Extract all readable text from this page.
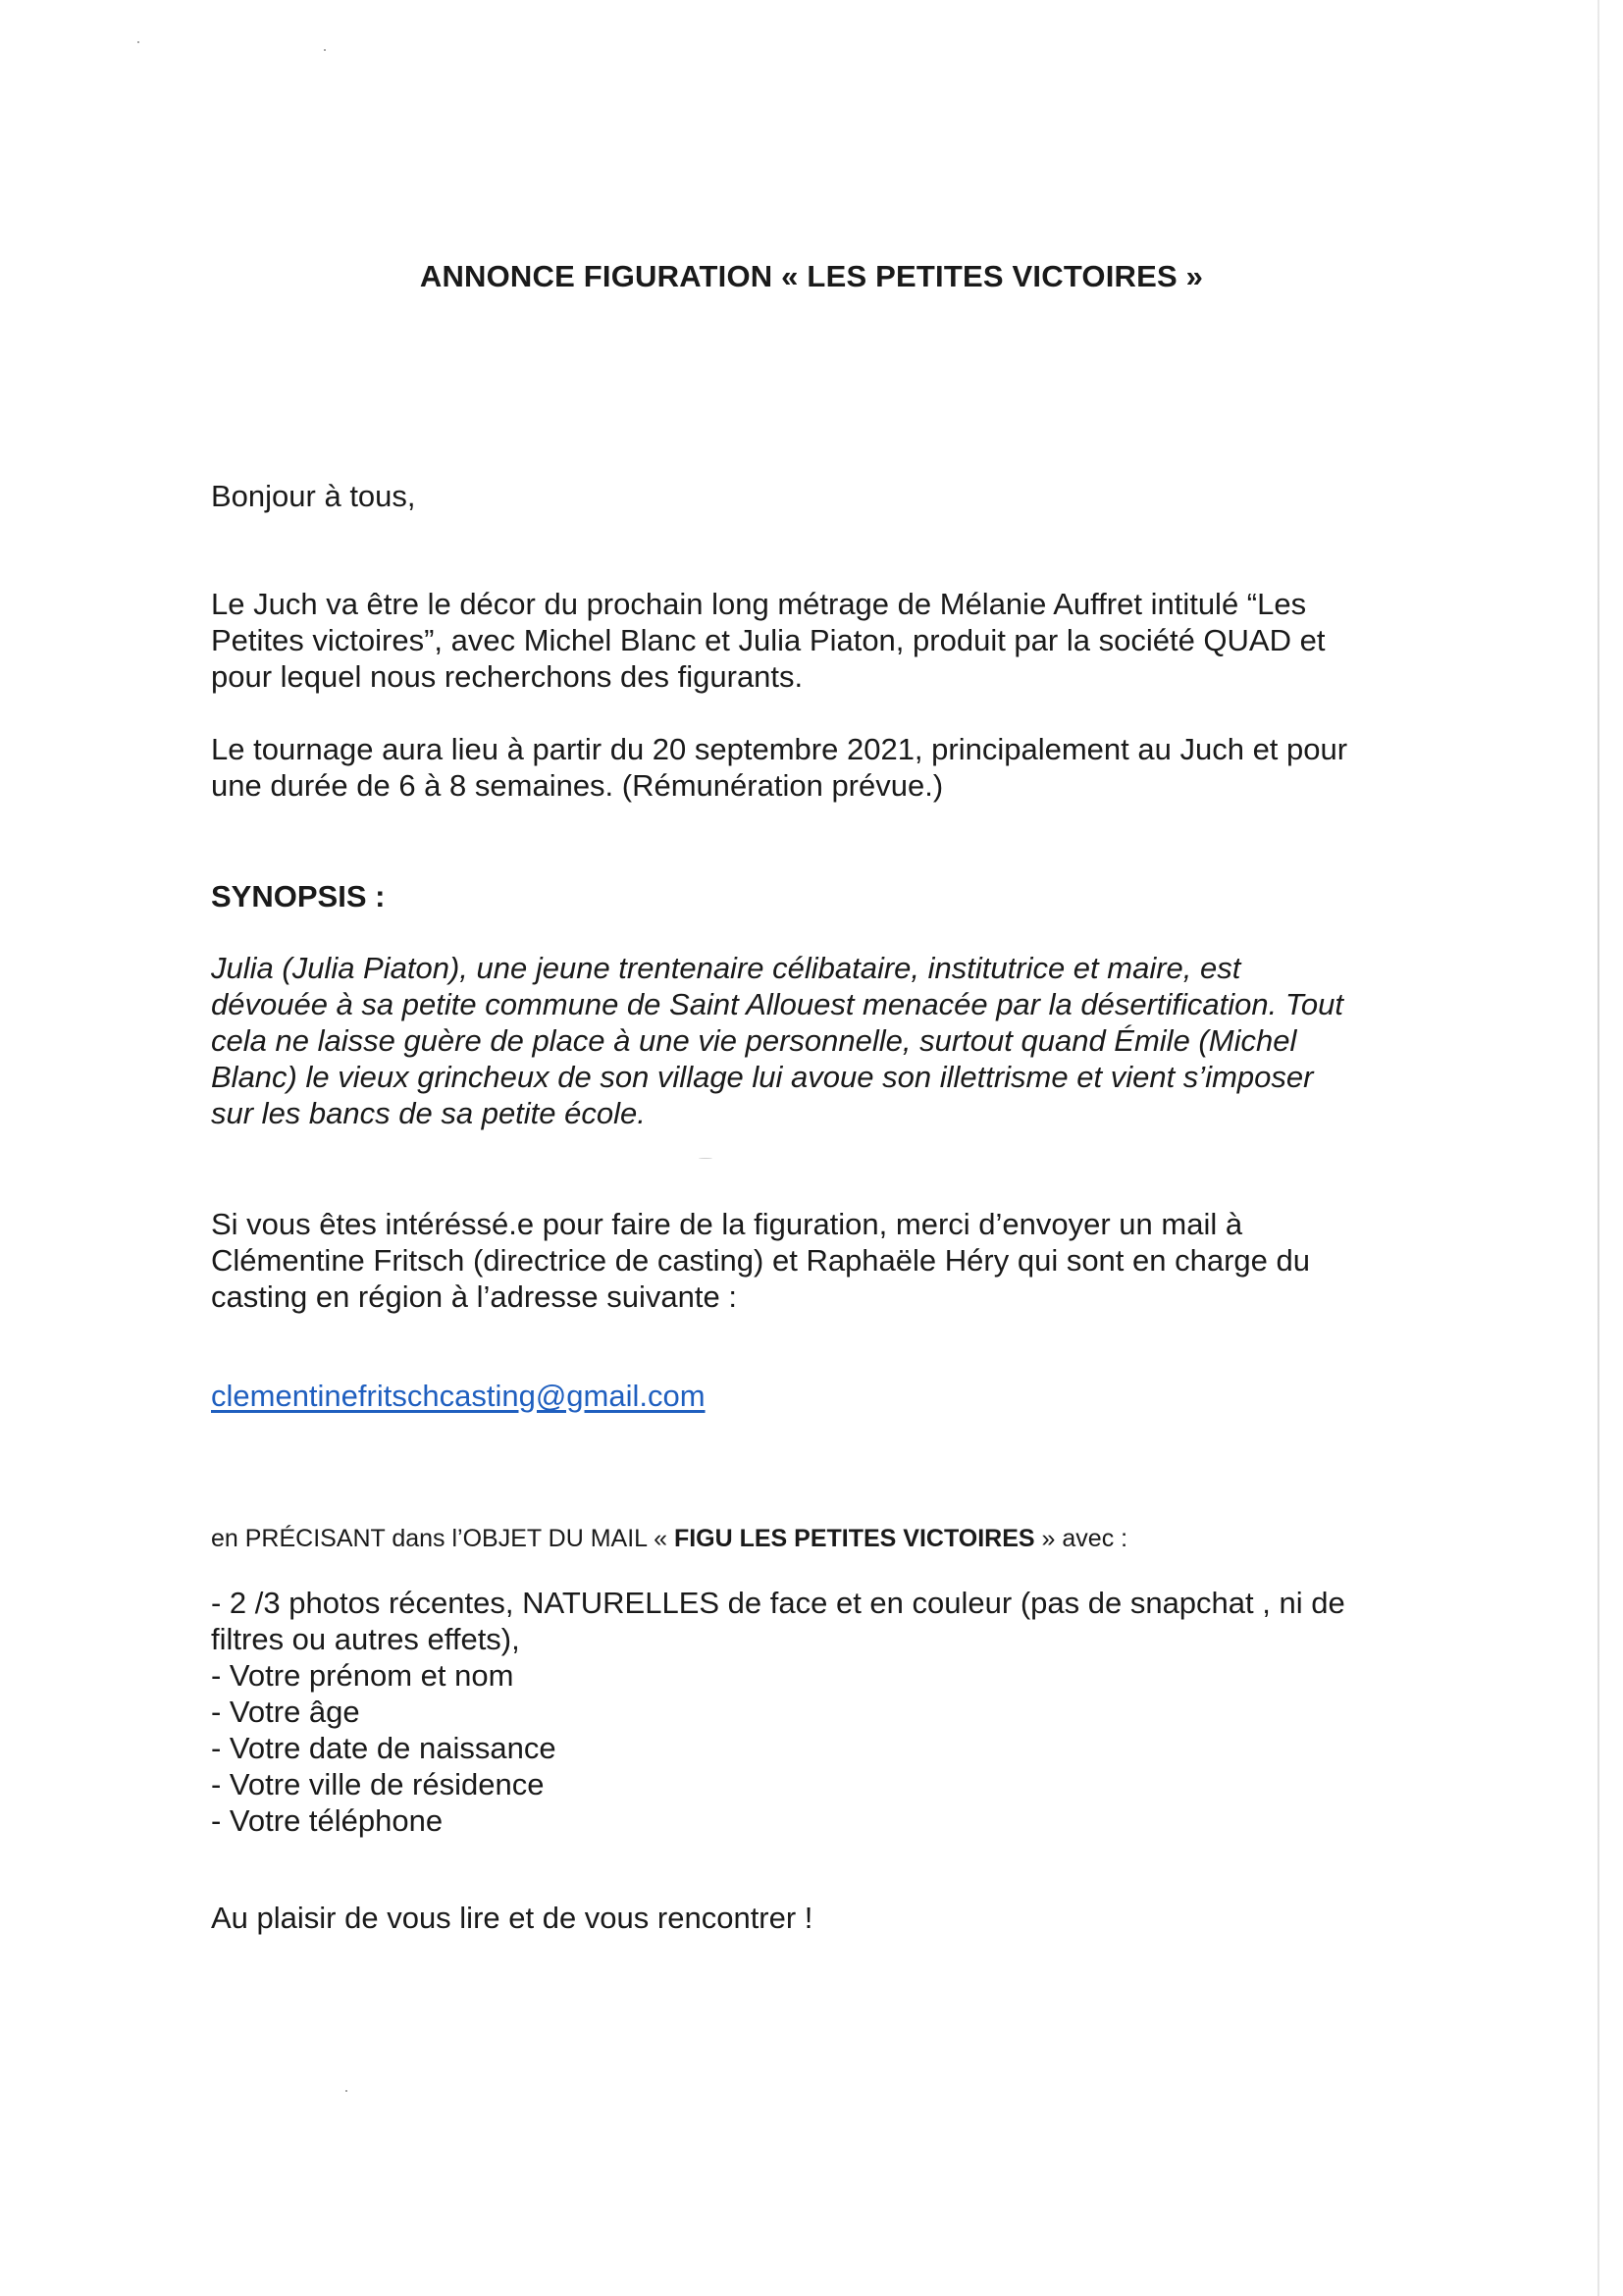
ANNONCE FIGURATION « LES PETITES VICTOIRES »

Bonjour à tous,

Le Juch va être le décor du prochain long métrage de Mélanie Auffret intitulé “Les
Petites victoires”, avec Michel Blanc et Julia Piaton, produit par la société QUAD et
pour lequel nous recherchons des figurants.

Le tournage aura lieu à partir du 20 septembre 2021, principalement au Juch et pour
une durée de 6 à 8 semaines. (Rémunération prévue.)

SYNOPSIS :

Julia (Julia Piaton), une jeune trentenaire célibataire, institutrice et maire, est
dévouée à sa petite commune de Saint Allouest menacée par la désertification. Tout
cela ne laisse guère de place à une vie personnelle, surtout quand Émile (Michel
Blanc) le vieux grincheux de son village lui avoue son illettrisme et vient s’imposer
sur les bancs de sa petite école.

Si vous êtes intéréssé.e pour faire de la figuration, merci d’envoyer un mail à
Clémentine Fritsch (directrice de casting) et Raphaële Héry qui sont en charge du
casting en région à l’adresse suivante :

clementinefritschcasting@gmail.com
en PRÉCISANT dans l’OBJET DU MAIL « FIGU LES PETITES VICTOIRES » avec :
- 2 /3 photos récentes, NATURELLES de face et en couleur (pas de snapchat , ni de
filtres ou autres effets),
- Votre prénom et nom
- Votre âge
- Votre date de naissance
- Votre ville de résidence
- Votre téléphone

Au plaisir de vous lire et de vous rencontrer !
